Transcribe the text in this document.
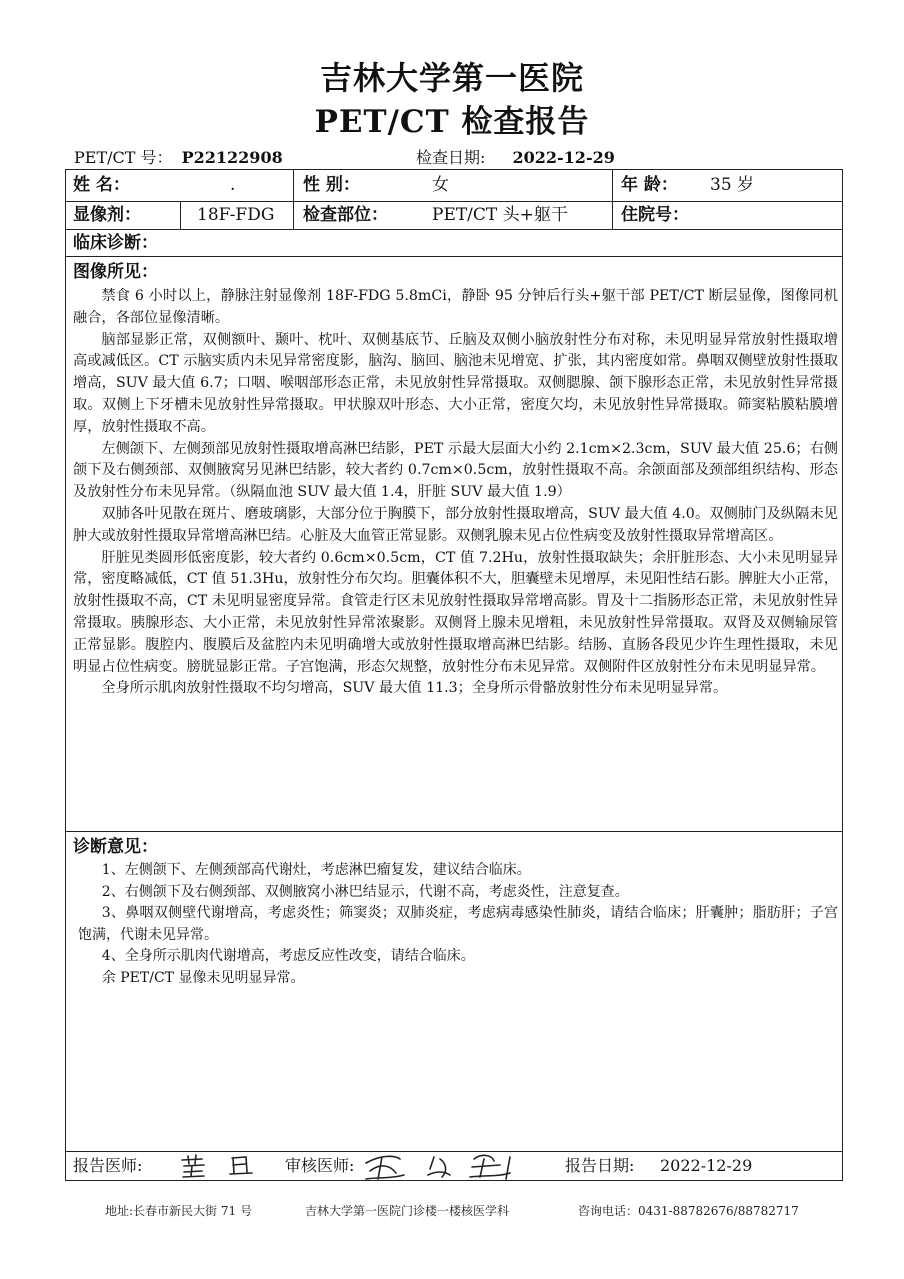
吉林大学第一医院
PET/CT 检查报告
PET/CT 号： P22122908	检查日期: 2022-12-29
姓 名：	.	性 别：	女	年 龄： 35 岁
显像剂：	18F-FDG 检查部位：	PET/CT 头+躯干	住院号：
临床诊断：
图像所见：

禁食 6 小时以上，静脉注射显像剂 18F-FDG 5.8mCi，静卧 95 分钟后行头+躯干部 PET/CT 断层显像，图像同机融合，各部位显像清晰。

脑部显影正常，双侧额叶、颞叶、枕叶、双侧基底节、丘脑及双侧小脑放射性分布对称，未见明显异常放射性摄取增高或减低区。CT 示脑实质内未见异常密度影，脑沟、脑回、脑池未见增宽、扩张，其内密度如常。鼻咽双侧壁放射性摄取增高，SUV 最大值 6.7；口咽、喉咽部形态正常，未见放射性异常摄取。双侧腮腺、颌下腺形态正常，未见放射性异常摄取。双侧上下牙槽未见放射性异常摄取。甲状腺双叶形态、大小正常，密度欠均，未见放射性异常摄取。筛窦粘膜粘膜增厚，放射性摄取不高。

左侧颌下、左侧颈部见放射性摄取增高淋巴结影，PET 示最大层面大小约 2.1cm×2.3cm，SUV 最大值 25.6；右侧颌下及右侧颈部、双侧腋窝另见淋巴结影，较大者约 0.7cm×0.5cm，放射性摄取不高。余颌面部及颈部组织结构、形态及放射性分布未见异常。（纵隔血池 SUV 最大值 1.4，肝脏 SUV 最大值 1.9）

双肺各叶见散在斑片、磨玻璃影，大部分位于胸膜下，部分放射性摄取增高，SUV 最大值 4.0。双侧肺门及纵隔未见肿大或放射性摄取异常增高淋巴结。心脏及大血管正常显影。双侧乳腺未见占位性病变及放射性摄取异常增高区。

肝脏见类圆形低密度影，较大者约 0.6cm×0.5cm，CT 值 7.2Hu，放射性摄取缺失；余肝脏形态、大小未见明显异常，密度略减低，CT 值 51.3Hu，放射性分布欠均。胆囊体积不大，胆囊壁未见增厚，未见阳性结石影。脾脏大小正常，放射性摄取不高，CT 未见明显密度异常。食管走行区未见放射性摄取异常增高影。胃及十二指肠形态正常，未见放射性异常摄取。胰腺形态、大小正常，未见放射性异常浓聚影。双侧肾上腺未见增粗，未见放射性异常摄取。双肾及双侧输尿管正常显影。腹腔内、腹膜后及盆腔内未见明确增大或放射性摄取增高淋巴结影。结肠、直肠各段见少许生理性摄取，未见明显占位性病变。膀胱显影正常。子宫饱满，形态欠规整，放射性分布未见异常。双侧附件区放射性分布未见明显异常。

全身所示肌肉放射性摄取不均匀增高，SUV 最大值 11.3；全身所示骨骼放射性分布未见明显异常。

诊断意见：

1、左侧颌下、左侧颈部高代谢灶，考虑淋巴瘤复发，建议结合临床。

2、右侧颌下及右侧颈部、双侧腋窝小淋巴结显示，代谢不高，考虑炎性，注意复查。

3、鼻咽双侧壁代谢增高，考虑炎性；筛窦炎；双肺炎症，考虑病毒感染性肺炎，请结合临床；肝囊肿；脂肪肝；子宫饱满，代谢未见异常。

4、全身所示肌肉代谢增高，考虑反应性改变，请结合临床。

余 PET/CT 显像未见明显异常。

报告医师:	审核医师:	报告日期: 2022-12-29
地址:长春市新民大街 71 号	吉林大学第一医院门诊楼一楼核医学科	咨询电话：0431-88782676/88782717
